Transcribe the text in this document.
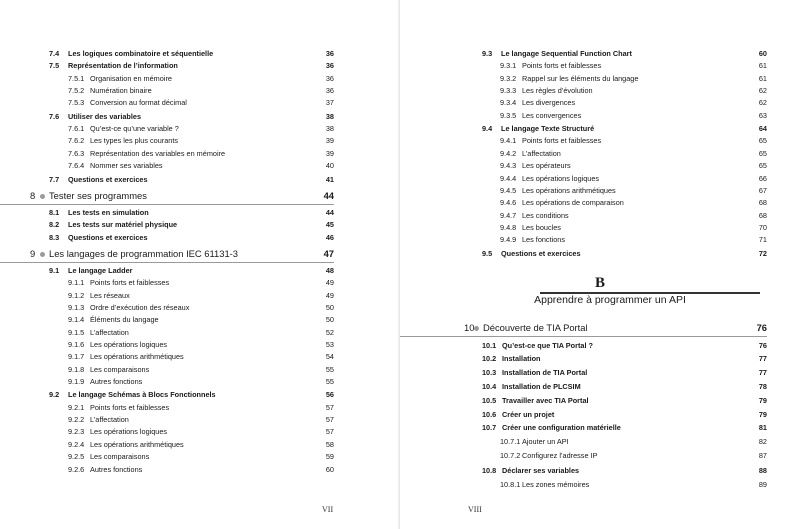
7.4 Les logiques combinatoire et séquentielle	36
7.5 Représentation de l’information	36
7.5.1 Organisation en mémoire	36
7.5.2 Numération binaire	36
7.5.3 Conversion au format décimal	37
7.6 Utiliser des variables	38
7.6.1 Qu’est-ce qu’une variable ?	38
7.6.2 Les types les plus courants	39
7.6.3 Représentation des variables en mémoire	39
7.6.4 Nommer ses variables	40
7.7 Questions et exercices	41
8 Tester ses programmes	44
8.1 Les tests en simulation	44
8.2 Les tests sur matériel physique	45
8.3 Questions et exercices	46
9 Les langages de programmation IEC 61131-3	47
9.1 Le langage Ladder	48
9.1.1 Points forts et faiblesses	49
9.1.2 Les réseaux	49
9.1.3 Ordre d’exécution des réseaux	50
9.1.4 Éléments du langage	50
9.1.5 L’affectation	52
9.1.6 Les opérations logiques	53
9.1.7 Les opérations arithmétiques	54
9.1.8 Les comparaisons	55
9.1.9 Autres fonctions	55
9.2 Le langage Schémas à Blocs Fonctionnels	56
9.2.1 Points forts et faiblesses	57
9.2.2 L’affectation	57
9.2.3 Les opérations logiques	57
9.2.4 Les opérations arithmétiques	58
9.2.5 Les comparaisons	59
9.2.6 Autres fonctions	60
VII
9.3 Le langage Sequential Function Chart	60
9.3.1 Points forts et faiblesses	61
9.3.2 Rappel sur les éléments du langage	61
9.3.3 Les règles d’évolution	62
9.3.4 Les divergences	62
9.3.5 Les convergences	63
9.4 Le langage Texte Structuré	64
9.4.1 Points forts et faiblesses	65
9.4.2 L’affectation	65
9.4.3 Les opérateurs	65
9.4.4 Les opérations logiques	66
9.4.5 Les opérations arithmétiques	67
9.4.6 Les opérations de comparaison	68
9.4.7 Les conditions	68
9.4.8 Les boucles	70
9.4.9 Les fonctions	71
9.5 Questions et exercices	72
B
Apprendre à programmer un API
10 Découverte de TIA Portal	76
10.1 Qu’est-ce que TIA Portal ?	76
10.2 Installation	77
10.3 Installation de TIA Portal	77
10.4 Installation de PLCSIM	78
10.5 Travailler avec TIA Portal	79
10.6 Créer un projet	79
10.7 Créer une configuration matérielle	81
10.7.1 Ajouter un API	82
10.7.2 Configurez l’adresse IP	87
10.8 Déclarer ses variables	88
10.8.1 Les zones mémoires	89
VIII
